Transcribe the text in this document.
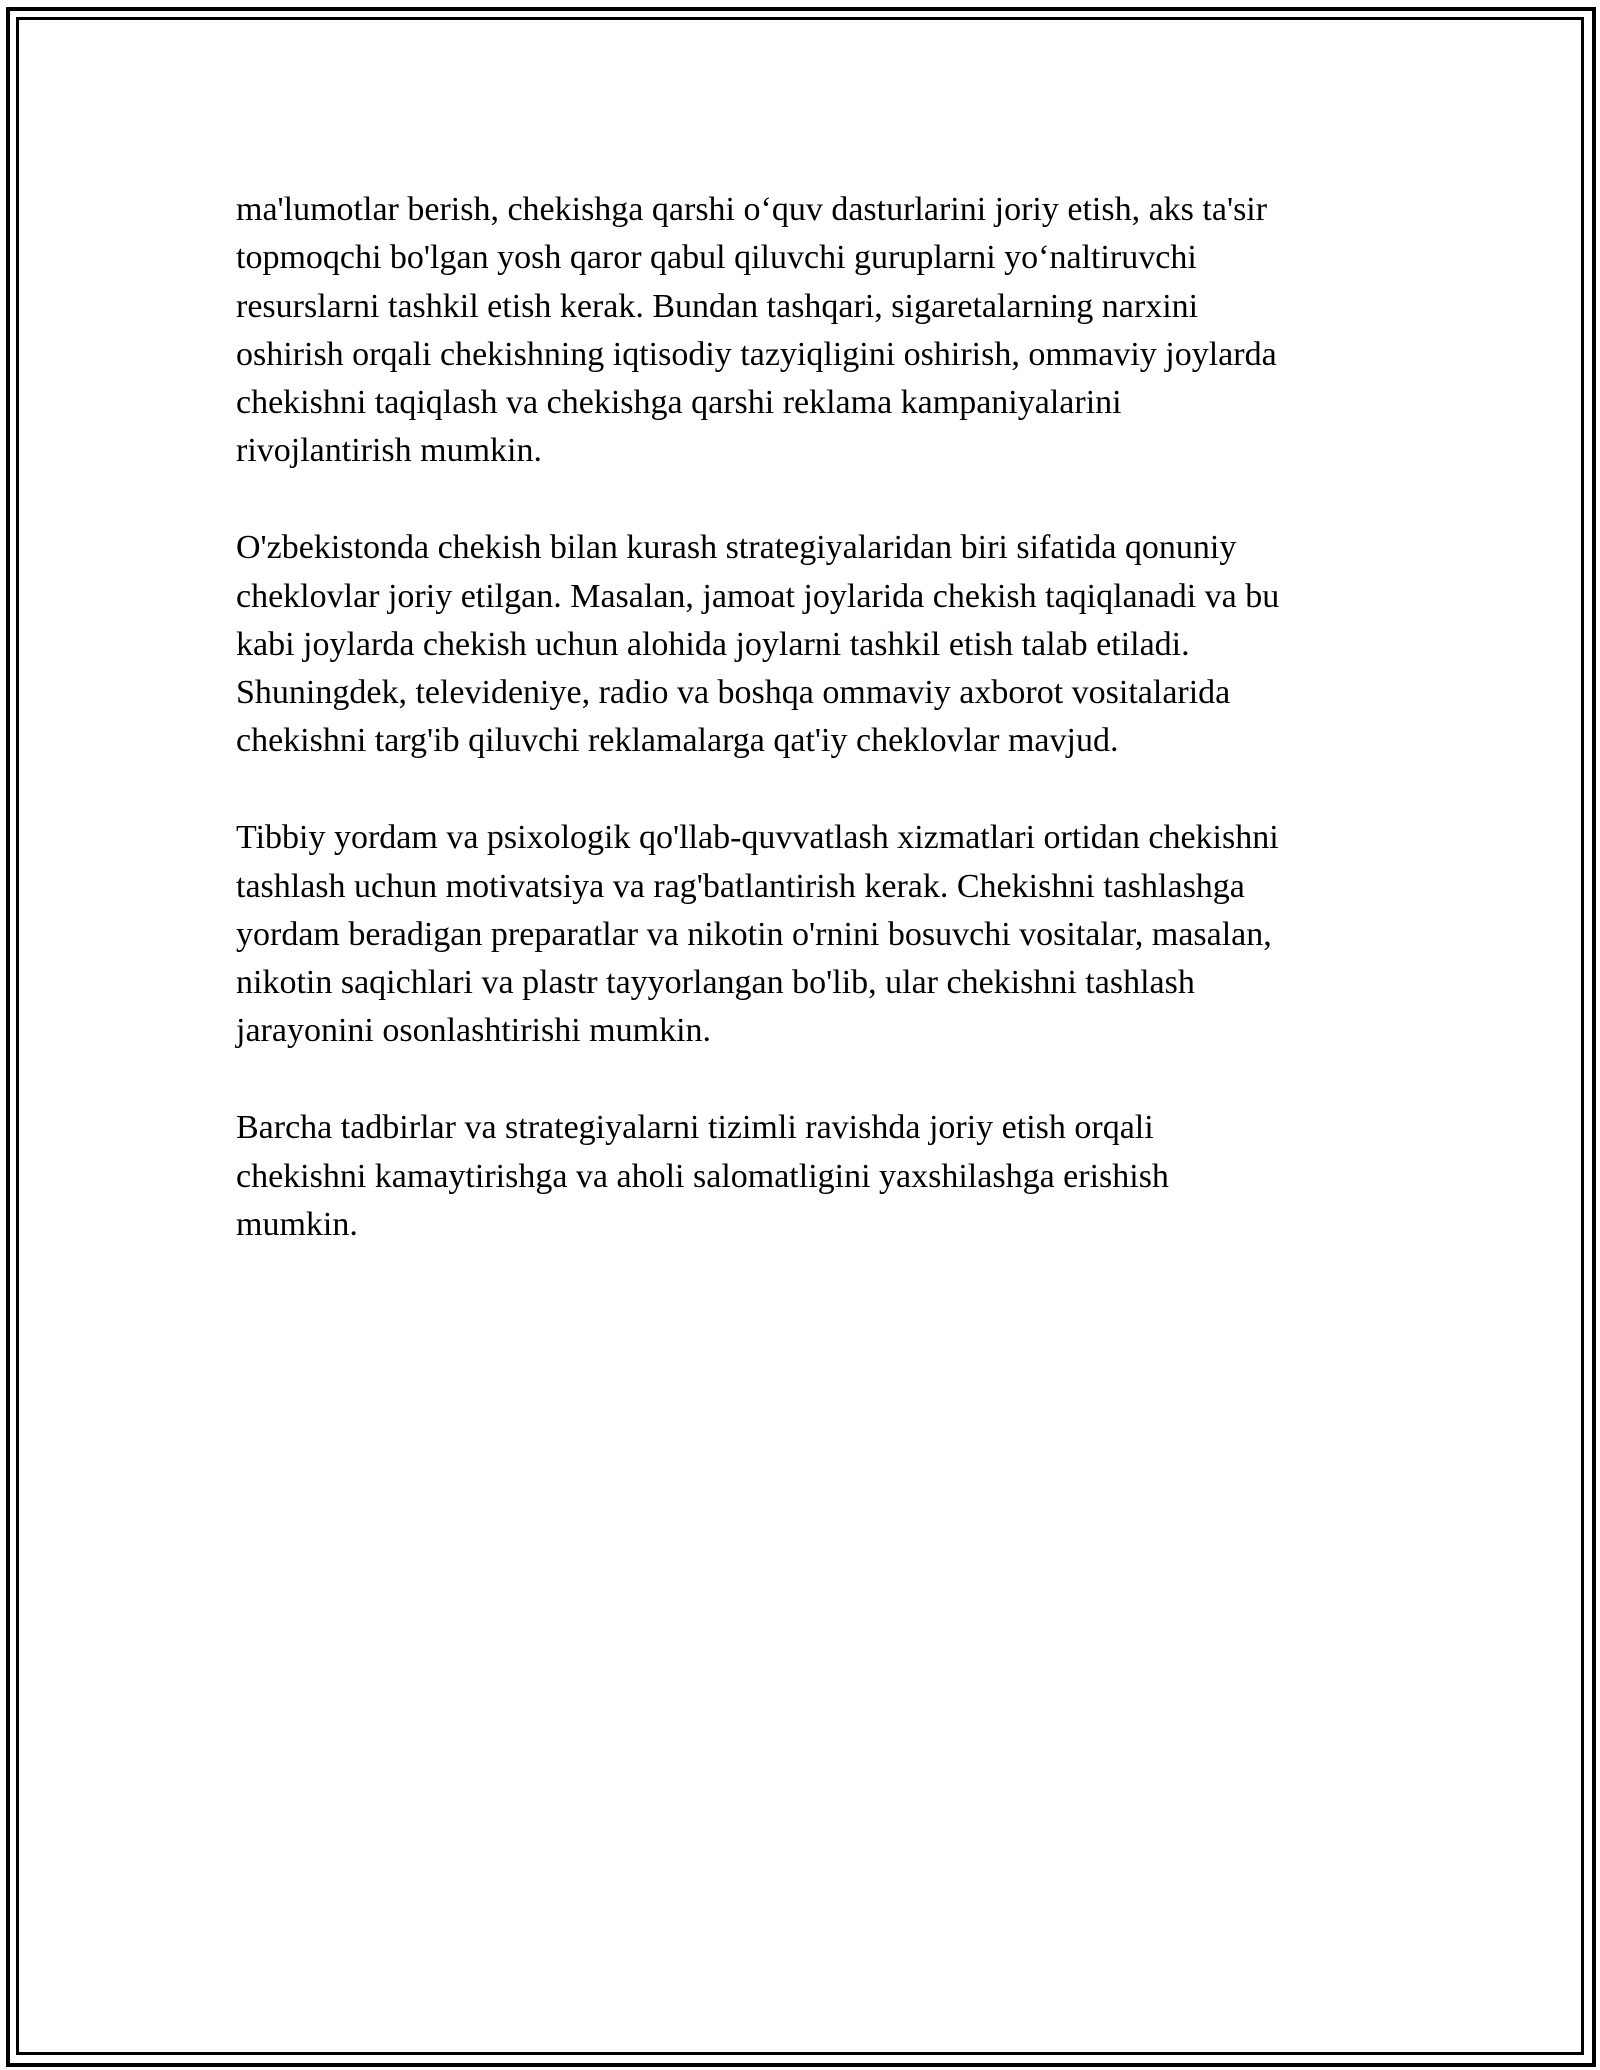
ma'lumotlar berish, chekishga qarshi o‘quv dasturlarini joriy etish, aks ta'sir
topmoqchi bo'lgan yosh qaror qabul qiluvchi guruplarni yo‘naltiruvchi
resurslarni tashkil etish kerak. Bundan tashqari, sigaretalarning narxini
oshirish orqali chekishning iqtisodiy tazyiqligini oshirish, ommaviy joylarda
chekishni taqiqlash va chekishga qarshi reklama kampaniyalarini
rivojlantirish mumkin.
O'zbekistonda chekish bilan kurash strategiyalaridan biri sifatida qonuniy
cheklovlar joriy etilgan. Masalan, jamoat joylarida chekish taqiqlanadi va bu
kabi joylarda chekish uchun alohida joylarni tashkil etish talab etiladi.
Shuningdek, televideniye, radio va boshqa ommaviy axborot vositalarida
chekishni targ'ib qiluvchi reklamalarga qat'iy cheklovlar mavjud.
Tibbiy yordam va psixologik qo'llab-quvvatlash xizmatlari ortidan chekishni
tashlash uchun motivatsiya va rag'batlantirish kerak. Chekishni tashlashga
yordam beradigan preparatlar va nikotin o'rnini bosuvchi vositalar, masalan,
nikotin saqichlari va plastr tayyorlangan bo'lib, ular chekishni tashlash
jarayonini osonlashtirishi mumkin.
Barcha tadbirlar va strategiyalarni tizimli ravishda joriy etish orqali
chekishni kamaytirishga va aholi salomatligini yaxshilashga erishish
mumkin.
